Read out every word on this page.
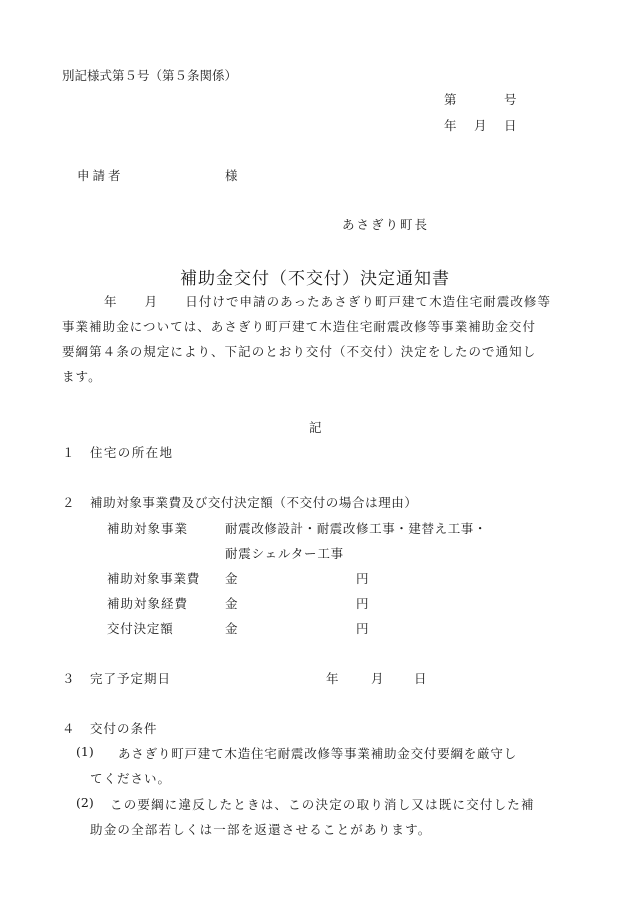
別記様式第５号（第５条関係）
第	号
年 月 日
申請者	様
あさぎり町長
補助金交付（不交付）決定通知書
年　　月　　日付けで申請のあったあさぎり町戸建て木造住宅耐震改修等
事業補助金については、あさぎり町戸建て木造住宅耐震改修等事業補助金交付
要綱第４条の規定により、下記のとおり交付（不交付）決定をしたので通知し
ます。
記
１ 住宅の所在地
２ 補助対象事業費及び交付決定額（不交付の場合は理由）
補助対象事業	耐震改修設計・耐震改修工事・建替え工事・
耐震シェルター工事
補助対象事業費 金	円
補助対象経費	金	円
交付決定額	金	円
３ 完了予定期日	年	月 日
４ 交付の条件
(1) あさぎり町戸建て木造住宅耐震改修等事業補助金交付要綱を厳守し
てください。
(2) この要綱に違反したときは、この決定の取り消し又は既に交付した補
助金の全部若しくは一部を返還させることがあります。
